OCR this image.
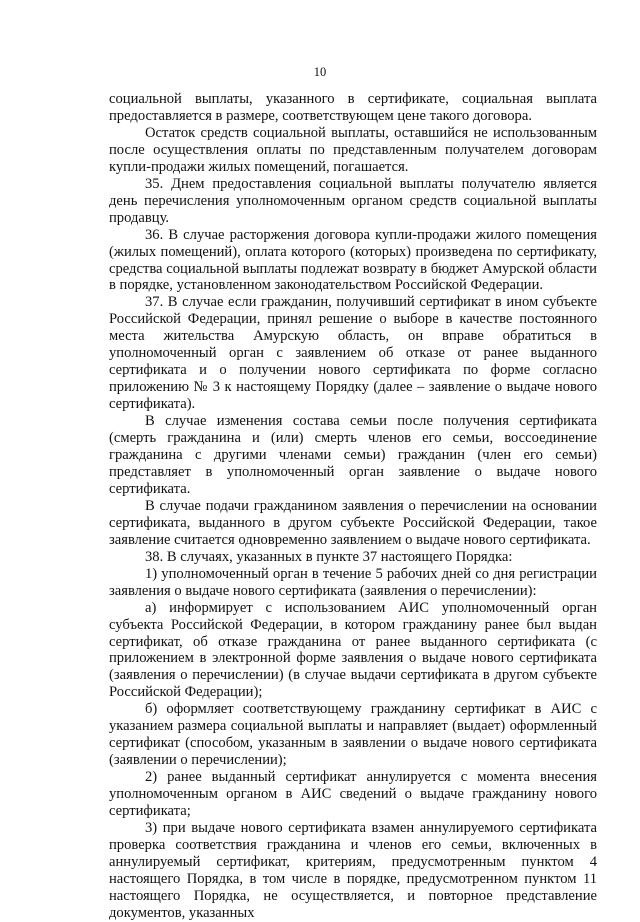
10

социальной выплаты, указанного в сертификате, социальная выплата предоставляется в размере, соответствующем цене такого договора.

Остаток средств социальной выплаты, оставшийся не использованным после осуществления оплаты по представленным получателем договорам купли-продажи жилых помещений, погашается.

35. Днем предоставления социальной выплаты получателю является день перечисления уполномоченным органом средств социальной выплаты продавцу.

36. В случае расторжения договора купли-продажи жилого помещения (жилых помещений), оплата которого (которых) произведена по сертификату, средства социальной выплаты подлежат возврату в бюджет Амурской области в порядке, установленном законодательством Российской Федерации.

37. В случае если гражданин, получивший сертификат в ином субъекте Российской Федерации, принял решение о выборе в качестве постоянного места жительства Амурскую область, он вправе обратиться в уполномоченный орган с заявлением об отказе от ранее выданного сертификата и о получении нового сертификата по форме согласно приложению № 3 к настоящему Порядку (далее – заявление о выдаче нового сертификата).

В случае изменения состава семьи после получения сертификата (смерть гражданина и (или) смерть членов его семьи, воссоединение гражданина с другими членами семьи) гражданин (член его семьи) представляет в уполномоченный орган заявление о выдаче нового сертификата.

В случае подачи гражданином заявления о перечислении на основании сертификата, выданного в другом субъекте Российской Федерации, такое заявление считается одновременно заявлением о выдаче нового сертификата.

38. В случаях, указанных в пункте 37 настоящего Порядка:

1) уполномоченный орган в течение 5 рабочих дней со дня регистрации заявления о выдаче нового сертификата (заявления о перечислении):

а) информирует с использованием АИС уполномоченный орган субъекта Российской Федерации, в котором гражданину ранее был выдан сертификат, об отказе гражданина от ранее выданного сертификата (с приложением в электронной форме заявления о выдаче нового сертификата (заявления о перечислении) (в случае выдачи сертификата в другом субъекте Российской Федерации);

б) оформляет соответствующему гражданину сертификат в АИС с указанием размера социальной выплаты и направляет (выдает) оформленный сертификат (способом, указанным в заявлении о выдаче нового сертификата (заявлении о перечислении);

2) ранее выданный сертификат аннулируется с момента внесения уполномоченным органом в АИС сведений о выдаче гражданину нового сертификата;

3) при выдаче нового сертификата взамен аннулируемого сертификата проверка соответствия гражданина и членов его семьи, включенных в аннулируемый сертификат, критериям, предусмотренным пунктом 4 настоящего Порядка, в том числе в порядке, предусмотренном пунктом 11 настоящего Порядка, не осуществляется, и повторное представление документов, указанных
